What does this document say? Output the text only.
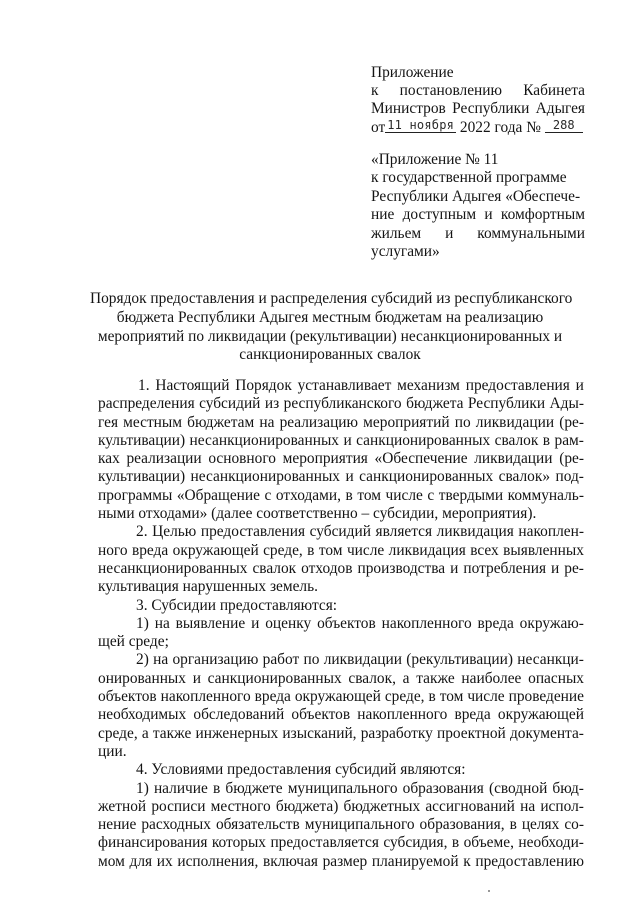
Приложение
к постановлению Кабинета
Министров Республики Адыгея
от 11 ноября 2022 года № 288
«Приложение № 11
к государственной программе
Республики Адыгея «Обеспече-
ние доступным и комфортным
жильем и коммунальными
услугами»
Порядок предоставления и распределения субсидий из республиканского
бюджета Республики Адыгея местным бюджетам на реализацию
мероприятий по ликвидации (рекультивации) несанкционированных и
санкционированных свалок
1. Настоящий Порядок устанавливает механизм предоставления и
распределения субсидий из республиканского бюджета Республики Ады-
гея местным бюджетам на реализацию мероприятий по ликвидации (ре-
культивации) несанкционированных и санкционированных свалок в рам-
ках реализации основного мероприятия «Обеспечение ликвидации (ре-
культивации) несанкционированных и санкционированных свалок» под-
программы «Обращение с отходами, в том числе с твердыми коммуналь-
ными отходами» (далее соответственно – субсидии, мероприятия).
2. Целью предоставления субсидий является ликвидация накоплен-
ного вреда окружающей среде, в том числе ликвидация всех выявленных
несанкционированных свалок отходов производства и потребления и ре-
культивация нарушенных земель.
3. Субсидии предоставляются:
1) на выявление и оценку объектов накопленного вреда окружаю-
щей среде;
2) на организацию работ по ликвидации (рекультивации) несанкци-
онированных и санкционированных свалок, а также наиболее опасных
объектов накопленного вреда окружающей среде, в том числе проведение
необходимых обследований объектов накопленного вреда окружающей
среде, а также инженерных изысканий, разработку проектной документа-
ции.
4. Условиями предоставления субсидий являются:
1) наличие в бюджете муниципального образования (сводной бюд-
жетной росписи местного бюджета) бюджетных ассигнований на испол-
нение расходных обязательств муниципального образования, в целях со-
финансирования которых предоставляется субсидия, в объеме, необходи-
мом для их исполнения, включая размер планируемой к предоставлению
